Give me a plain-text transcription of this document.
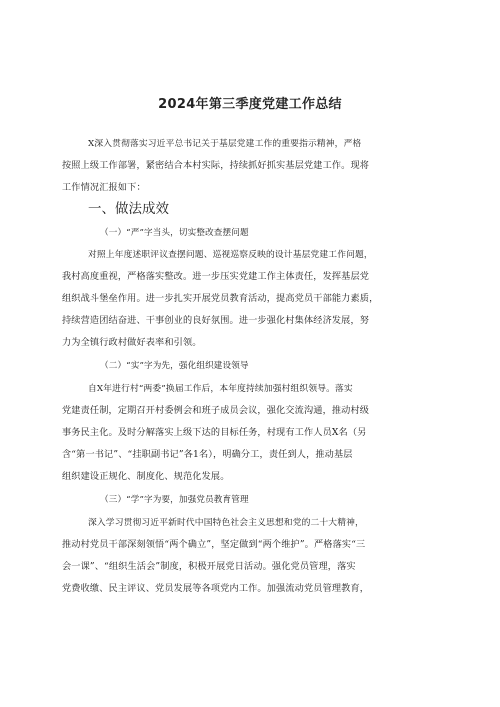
2024年第三季度党建工作总结
X深入贯彻落实习近平总书记关于基层党建工作的重要指示精神，严格
按照上级工作部署，紧密结合本村实际，持续抓好抓实基层党建工作。现将
工作情况汇报如下：
一、做法成效
（一）“严”字当头，切实整改查摆问题
对照上年度述职评议查摆问题、巡视巡察反映的设计基层党建工作问题，
我村高度重视，严格落实整改。进一步压实党建工作主体责任，发挥基层党
组织战斗堡垒作用。进一步扎实开展党员教育活动，提高党员干部能力素质，
持续营造团结奋进、干事创业的良好氛围。进一步强化村集体经济发展，努
力为全镇行政村做好表率和引领。
（二）“实”字为先，强化组织建设领导
自X年进行村“两委”换届工作后，本年度持续加强村组织领导。落实
党建责任制，定期召开村委例会和班子成员会议，强化交流沟通，推动村级
事务民主化。及时分解落实上级下达的目标任务，村现有工作人员X名（另
含“第一书记”、“挂职副书记”各1名），明确分工，责任到人，推动基层
组织建设正规化、制度化、规范化发展。
（三）“学”字为要，加强党员教育管理
深入学习贯彻习近平新时代中国特色社会主义思想和党的二十大精神，
推动村党员干部深刻领悟“两个确立”，坚定做到“两个维护”。严格落实“三
会一课”、“组织生活会”制度，积极开展党日活动。强化党员管理，落实
党费收缴、民主评议、党员发展等各项党内工作。加强流动党员管理教育，
